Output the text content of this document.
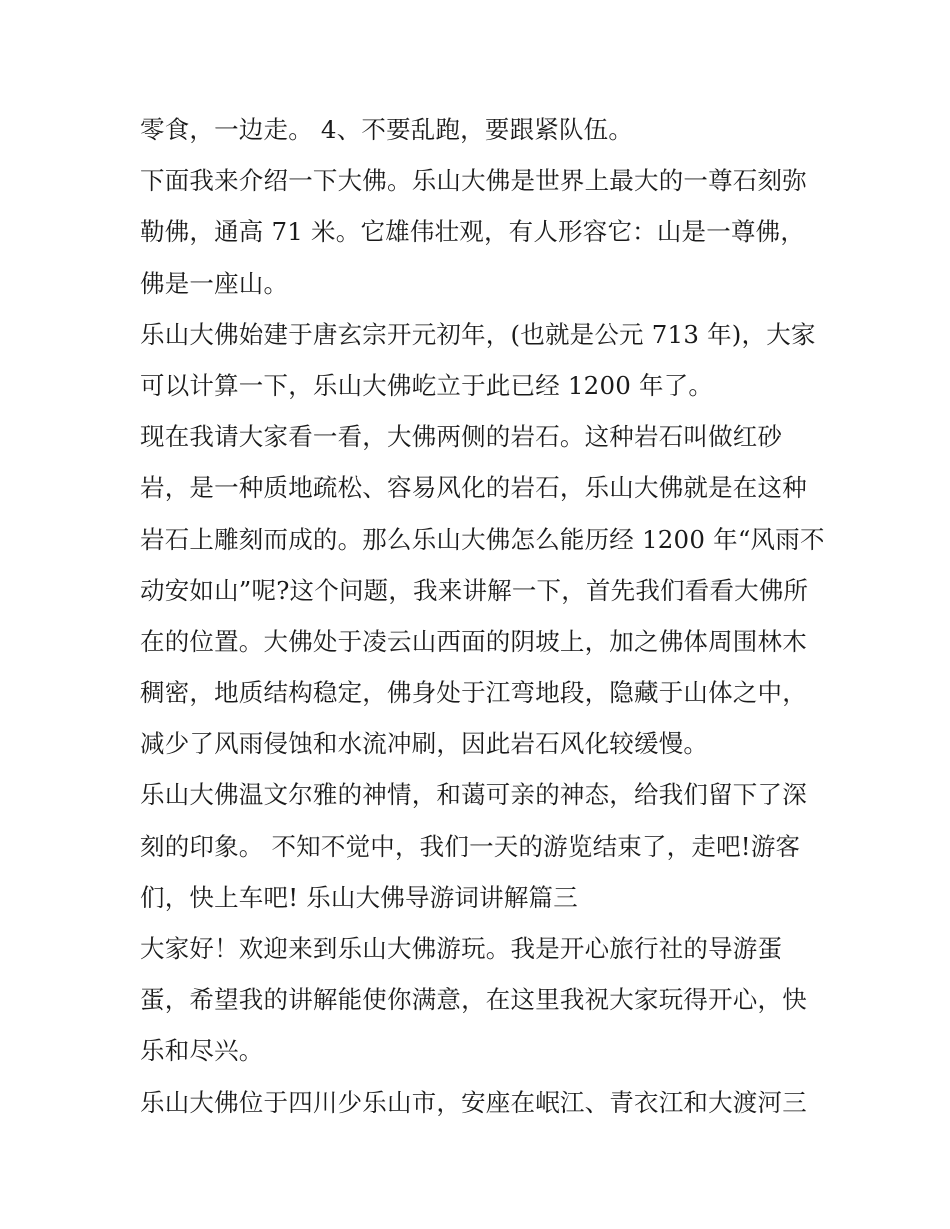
零食，一边走。 4、不要乱跑，要跟紧队伍。
下面我来介绍一下大佛。乐山大佛是世界上最大的一尊石刻弥
勒佛，通高 71 米。它雄伟壮观，有人形容它：山是一尊佛，
佛是一座山。
乐山大佛始建于唐玄宗开元初年，(也就是公元 713 年)，大家
可以计算一下，乐山大佛屹立于此已经 1200 年了。
现在我请大家看一看，大佛两侧的岩石。这种岩石叫做红砂
岩，是一种质地疏松、容易风化的岩石，乐山大佛就是在这种
岩石上雕刻而成的。那么乐山大佛怎么能历经 1200 年“风雨不
动安如山”呢?这个问题，我来讲解一下，首先我们看看大佛所
在的位置。大佛处于凌云山西面的阴坡上，加之佛体周围林木
稠密，地质结构稳定，佛身处于江弯地段，隐藏于山体之中，
减少了风雨侵蚀和水流冲刷，因此岩石风化较缓慢。
乐山大佛温文尔雅的神情，和蔼可亲的神态，给我们留下了深
刻的印象。 不知不觉中，我们一天的游览结束了，走吧!游客
们，快上车吧! 乐山大佛导游词讲解篇三
大家好！欢迎来到乐山大佛游玩。我是开心旅行社的导游蛋
蛋，希望我的讲解能使你满意，在这里我祝大家玩得开心，快
乐和尽兴。
乐山大佛位于四川少乐山市，安座在岷江、青衣江和大渡河三
